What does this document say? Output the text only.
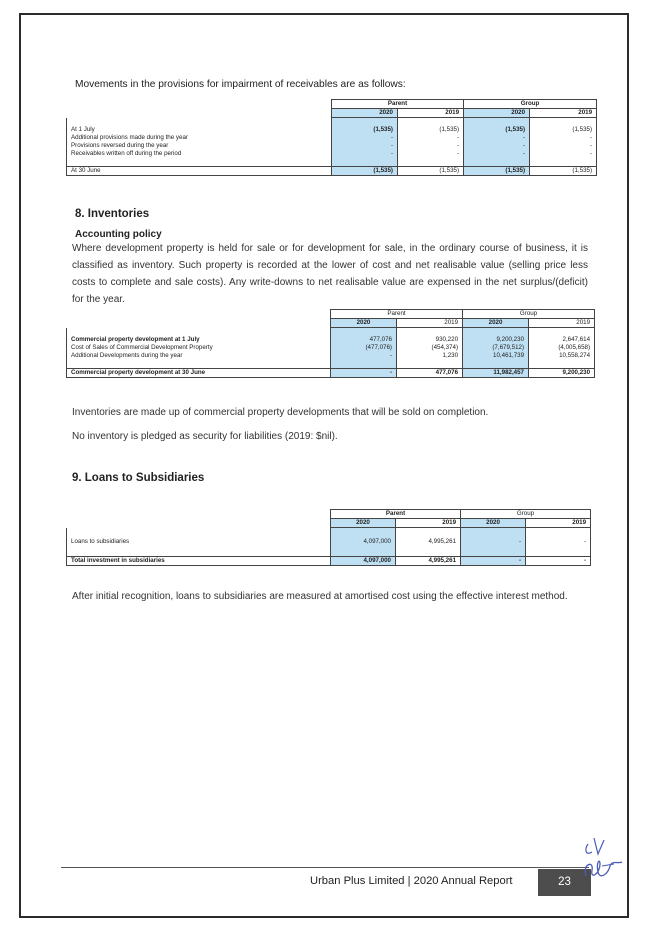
Movements in the provisions for impairment of receivables are as follows:
	Parent		Group	
	2020	2019	2020	2019

At 1 July	(1,535)	(1,535)	(1,535)	(1,535)
Additional provisions made during the year	-	-	-	-
Provisions reversed during the year	-	-	-	-
Receivables written off during the period	-	-	-	-

At 30 June	(1,535)	(1,535)	(1,535)	(1,535)
8. Inventories
Accounting policy
Where development property is held for sale or for development for sale, in the ordinary course of business, it is classified as inventory. Such property is recorded at the lower of cost and net realisable value (selling price less costs to complete and sale costs). Any write-downs to net realisable value are expensed in the net surplus/(deficit) for the year.
	Parent		Group	
	2020	2019	2020	2019

Commercial property development at 1 July	477,076	930,220	9,200,230	2,647,614
Cost of Sales of Commercial Development Property	(477,076)	(454,374)	(7,679,512)	(4,005,658)
Additional Developments during the year	-	1,230	10,461,739	10,558,274

Commercial property development at 30 June	-	477,076	11,982,457	9,200,230
Inventories are made up of commercial property developments that will be sold on completion.
No inventory is pledged as security for liabilities (2019: $nil).
9. Loans to Subsidiaries
	Parent		Group	
	2020	2019	2020	2019

Loans to subsidiaries	4,097,000	4,995,261	-	-

Total investment in subsidiaries	4,097,000	4,995,261	-	-
After initial recognition, loans to subsidiaries are measured at amortised cost using the effective interest method.
Urban Plus Limited | 2020 Annual Report	23
